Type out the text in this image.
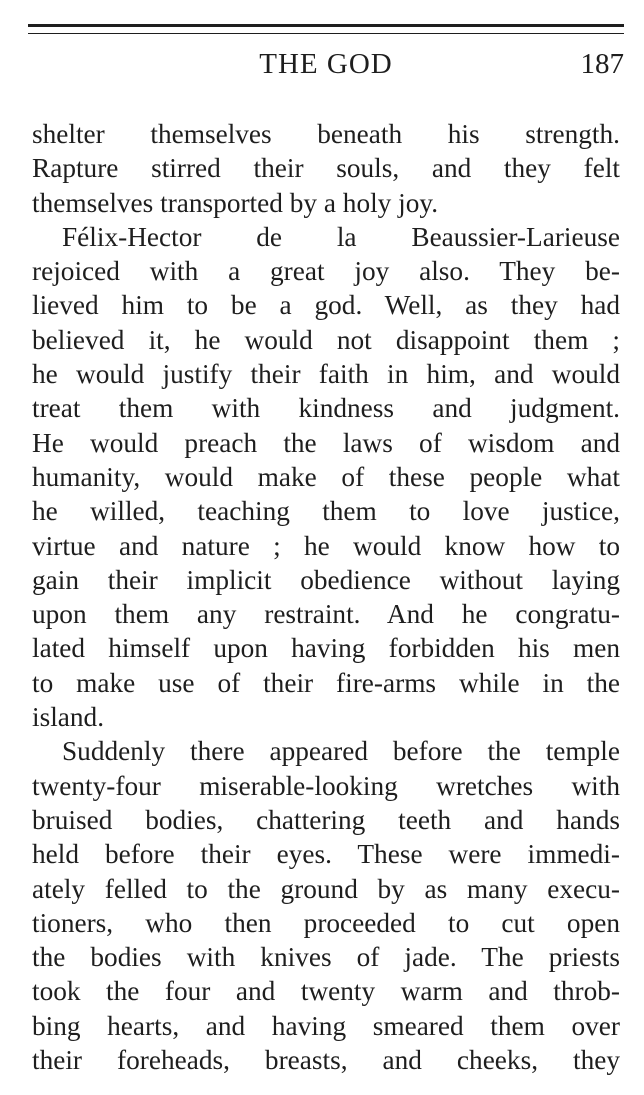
THE GOD	187
shelter themselves beneath his strength.
Rapture stirred their souls, and they felt
themselves transported by a holy joy.
Félix-Hector de la Beaussier-Larieuse
rejoiced with a great joy also. They be-
lieved him to be a god. Well, as they had
believed it, he would not disappoint them ;
he would justify their faith in him, and would
treat them with kindness and judgment.
He would preach the laws of wisdom and
humanity, would make of these people what
he willed, teaching them to love justice,
virtue and nature ; he would know how to
gain their implicit obedience without laying
upon them any restraint. And he congratu-
lated himself upon having forbidden his men
to make use of their fire-arms while in the
island.
Suddenly there appeared before the temple
twenty-four miserable-looking wretches with
bruised bodies, chattering teeth and hands
held before their eyes. These were immedi-
ately felled to the ground by as many execu-
tioners, who then proceeded to cut open
the bodies with knives of jade. The priests
took the four and twenty warm and throb-
bing hearts, and having smeared them over
their foreheads, breasts, and cheeks, they
